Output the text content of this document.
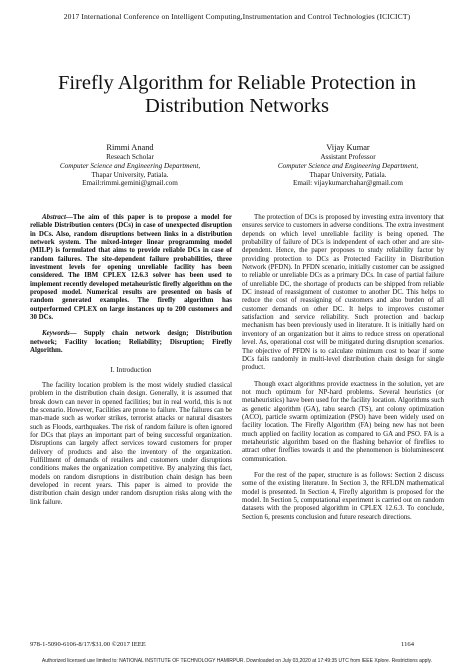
2017 International Conference on Intelligent Computing,Instrumentation and Control Technologies (ICICICT)
Firefly Algorithm for Reliable Protection in Distribution Networks
Rimmi Anand
Reseach Scholar
Computer Science and Engineering Department,
Thapar University, Patiala.
Email:rimmi.gemini@gmail.com
Vijay Kumar
Assistant Professor
Computer Science and Engineering Department,
Thapar University, Patiala.
Email: vijaykumarchahar@gmail.com

Abstract—The aim of this paper is to propose a model for reliable Distribution centers (DCs) in case of unexpected disruption in DCs. Also, random disruptions between links in a distribution network system. The mixed-integer linear programming model (MILP) is formulated that aims to provide reliable DCs in case of random failures. The site-dependent failure probabilities, three investment levels for opening unreliable facility has been considered. The IBM CPLEX 12.6.3 solver has been used to implement recently developed metaheuristic firefly algorithm on the proposed model. Numerical results are presented on basis of random generated examples. The firefly algorithm has outperformed CPLEX on large instances up to 200 customers and 30 DCs.

Keywords— Supply chain network design; Distribution network; Facility location; Reliability; Disruption; Firefly Algorithm.

I. Introduction

The facility location problem is the most widely studied classical problem in the distribution chain design. Generally, it is assumed that break down can never in opened facilities; but in real world, this is not the scenario. However, Facilities are prone to failure. The failures can be man-made such as worker strikes, terrorist attacks or natural disasters such as Floods, earthquakes. The risk of random failure is often ignored for DCs that plays an important part of being successful organization. Disruptions can largely affect services toward customers for proper delivery of products and also the inventory of the organization. Fulfillment of demands of retailers and customers under disruptions conditions makes the organization competitive. By analyzing this fact, models on random disruptions in distribution chain design has been developed in recent years. This paper is aimed to provide the distribution chain design under random disruption risks along with the link failure.

The protection of DCs is proposed by investing extra inventory that ensures service to customers in adverse conditions. The extra investment depends on which level unreliable facility is being opened. The probability of failure of DCs is independent of each other and are site-dependent. Hence, the paper proposes to study reliability factor by providing protection to DCs as Protected Facility in Distribution Network (PFDN). In PFDN scenario, initially customer can be assigned to reliable or unreliable DCs as a primary DCs. In case of partial failure of unreliable DC, the shortage of products can be shipped from reliable DC instead of reassignment of customer to another DC. This helps to reduce the cost of reassigning of customers and also burden of all customer demands on other DC. It helps to improves customer satisfaction and service reliability. Such protection and backup mechanism has been previously used in literature. It is initially hard on inventory of an organization but it aims to reduce stress on operational level. As, operational cost will be mitigated during disruption scenarios. The objective of PFDN is to calculate minimum cost to bear if some DCs fails randomly in multi-level distribution chain design for single product.

Though exact algorithms provide exactness in the solution, yet are not much optimum for NP-hard problems. Several heuristics (or metaheuristics) have been used for the facility location. Algorithms such as genetic algorithm (GA), tabu search (TS), ant colony optimization (ACO), particle swarm optimization (PSO) have been widely used on facility location. The Firefly Algorithm (FA) being new has not been much applied on facility location as compared to GA and PSO. FA is a metaheuristic algorithm based on the flashing behavior of fireflies to attract other fireflies towards it and the phenomenon is bioluminescent communication.

For the rest of the paper, structure is as follows: Section 2 discuss some of the existing literature. In Section 3, the RFLDN mathematical model is presented. In Section 4, Firefly algorithm is proposed for the model. In Section 5, computational experiment is carried out on random datasets with the proposed algorithm in CPLEX 12.6.3. To conclude, Section 6, presents conclusion and future research directions.

978-1-5090-6106-8/17/$31.00 ©2017 IEEE	1164
Authorized licensed use limited to: NATIONAL INSTITUTE OF TECHNOLOGY HAMIRPUR. Downloaded on July 03,2020 at 17:49:35 UTC from IEEE Xplore. Restrictions apply.
